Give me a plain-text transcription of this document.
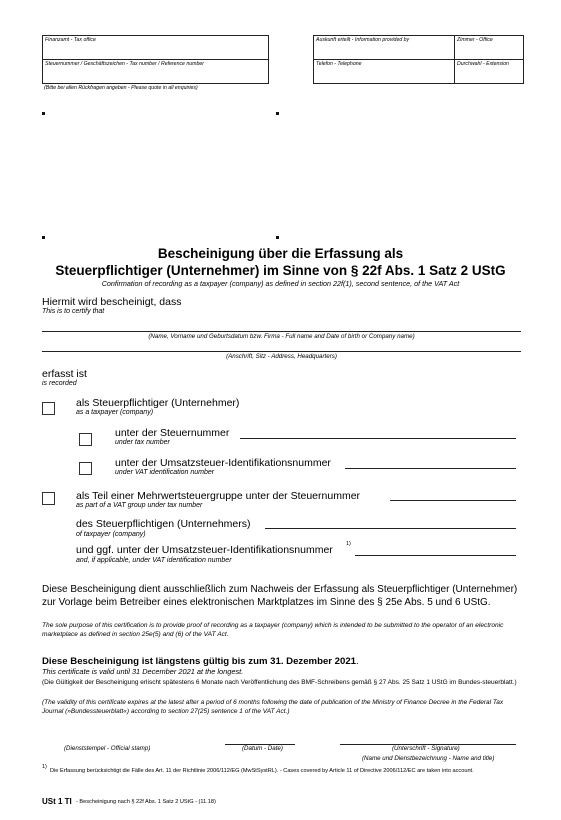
Finanzamt - Tax office
Steuernummer / Geschäftszeichen - Tax number / Reference number
Auskunft erteilt - Information provided by	Zimmer - Office
Telefon - Telephone	Durchwahl - Extension
(Bitte bei allen Rückfragen angeben - Please quote in all enquiries)
Bescheinigung über die Erfassung als
Steuerpflichtiger (Unternehmer) im Sinne von § 22f Abs. 1 Satz 2 UStG
Confirmation of recording as a taxpayer (company) as defined in section 22f(1), second sentence, of the VAT Act
Hiermit wird bescheinigt, dass
This is to certify that
(Name, Vorname und Geburtsdatum bzw. Firma - Full name and Date of birth or Company name)
(Anschrift, Sitz - Address, Headquarters)
erfasst ist
is recorded
als Steuerpflichtiger (Unternehmer)
as a taxpayer (company)
unter der Steuernummer
under tax number
unter der Umsatzsteuer-Identifikationsnummer
under VAT identification number
als Teil einer Mehrwertsteuergruppe unter der Steuernummer
as part of a VAT group under tax number
des Steuerpflichtigen (Unternehmers)
of taxpayer (company)
und ggf. unter der Umsatzsteuer-Identifikationsnummer 1)
and, if applicable, under VAT identification number
Diese Bescheinigung dient ausschließlich zum Nachweis der Erfassung als Steuerpflichtiger (Unternehmer) zur Vorlage beim Betreiber eines elektronischen Marktplatzes im Sinne des § 25e Abs. 5 und 6 UStG.
The sole purpose of this certification is to provide proof of recording as a taxpayer (company) which is intended to be submitted to the operator of an electronic marketplace as defined in section 25e(5) and (6) of the VAT Act.
Diese Bescheinigung ist längstens gültig bis zum 31. Dezember 2021.
This certificate is valid until 31 December 2021 at the longest.
(Die Gültigkeit der Bescheinigung erlischt spätestens 6 Monate nach Veröffentlichung des BMF-Schreibens gemäß § 27 Abs. 25 Satz 1 UStG im Bundes-steuerblatt.)
(The validity of this certificate expires at the latest after a period of 6 months following the date of publication of the Ministry of Finance Decree in the Federal Tax Journal (»Bundessteuerblatt«) according to section 27(25) sentence 1 of the VAT Act.)
(Dienststempel - Official stamp)	(Datum - Date)	(Unterschrift - Signature)
(Name und Dienstbezeichnung - Name and title)
1)
Die Erfassung berücksichtigt die Fälle des Art. 11 der Richtlinie 2006/112/EG (MwStSystRL). - Cases covered by Article 11 of Directive 2006/112/EC are taken into account.
USt 1 TI - Bescheinigung nach § 22f Abs. 1 Satz 2 UStG - (11.18)
